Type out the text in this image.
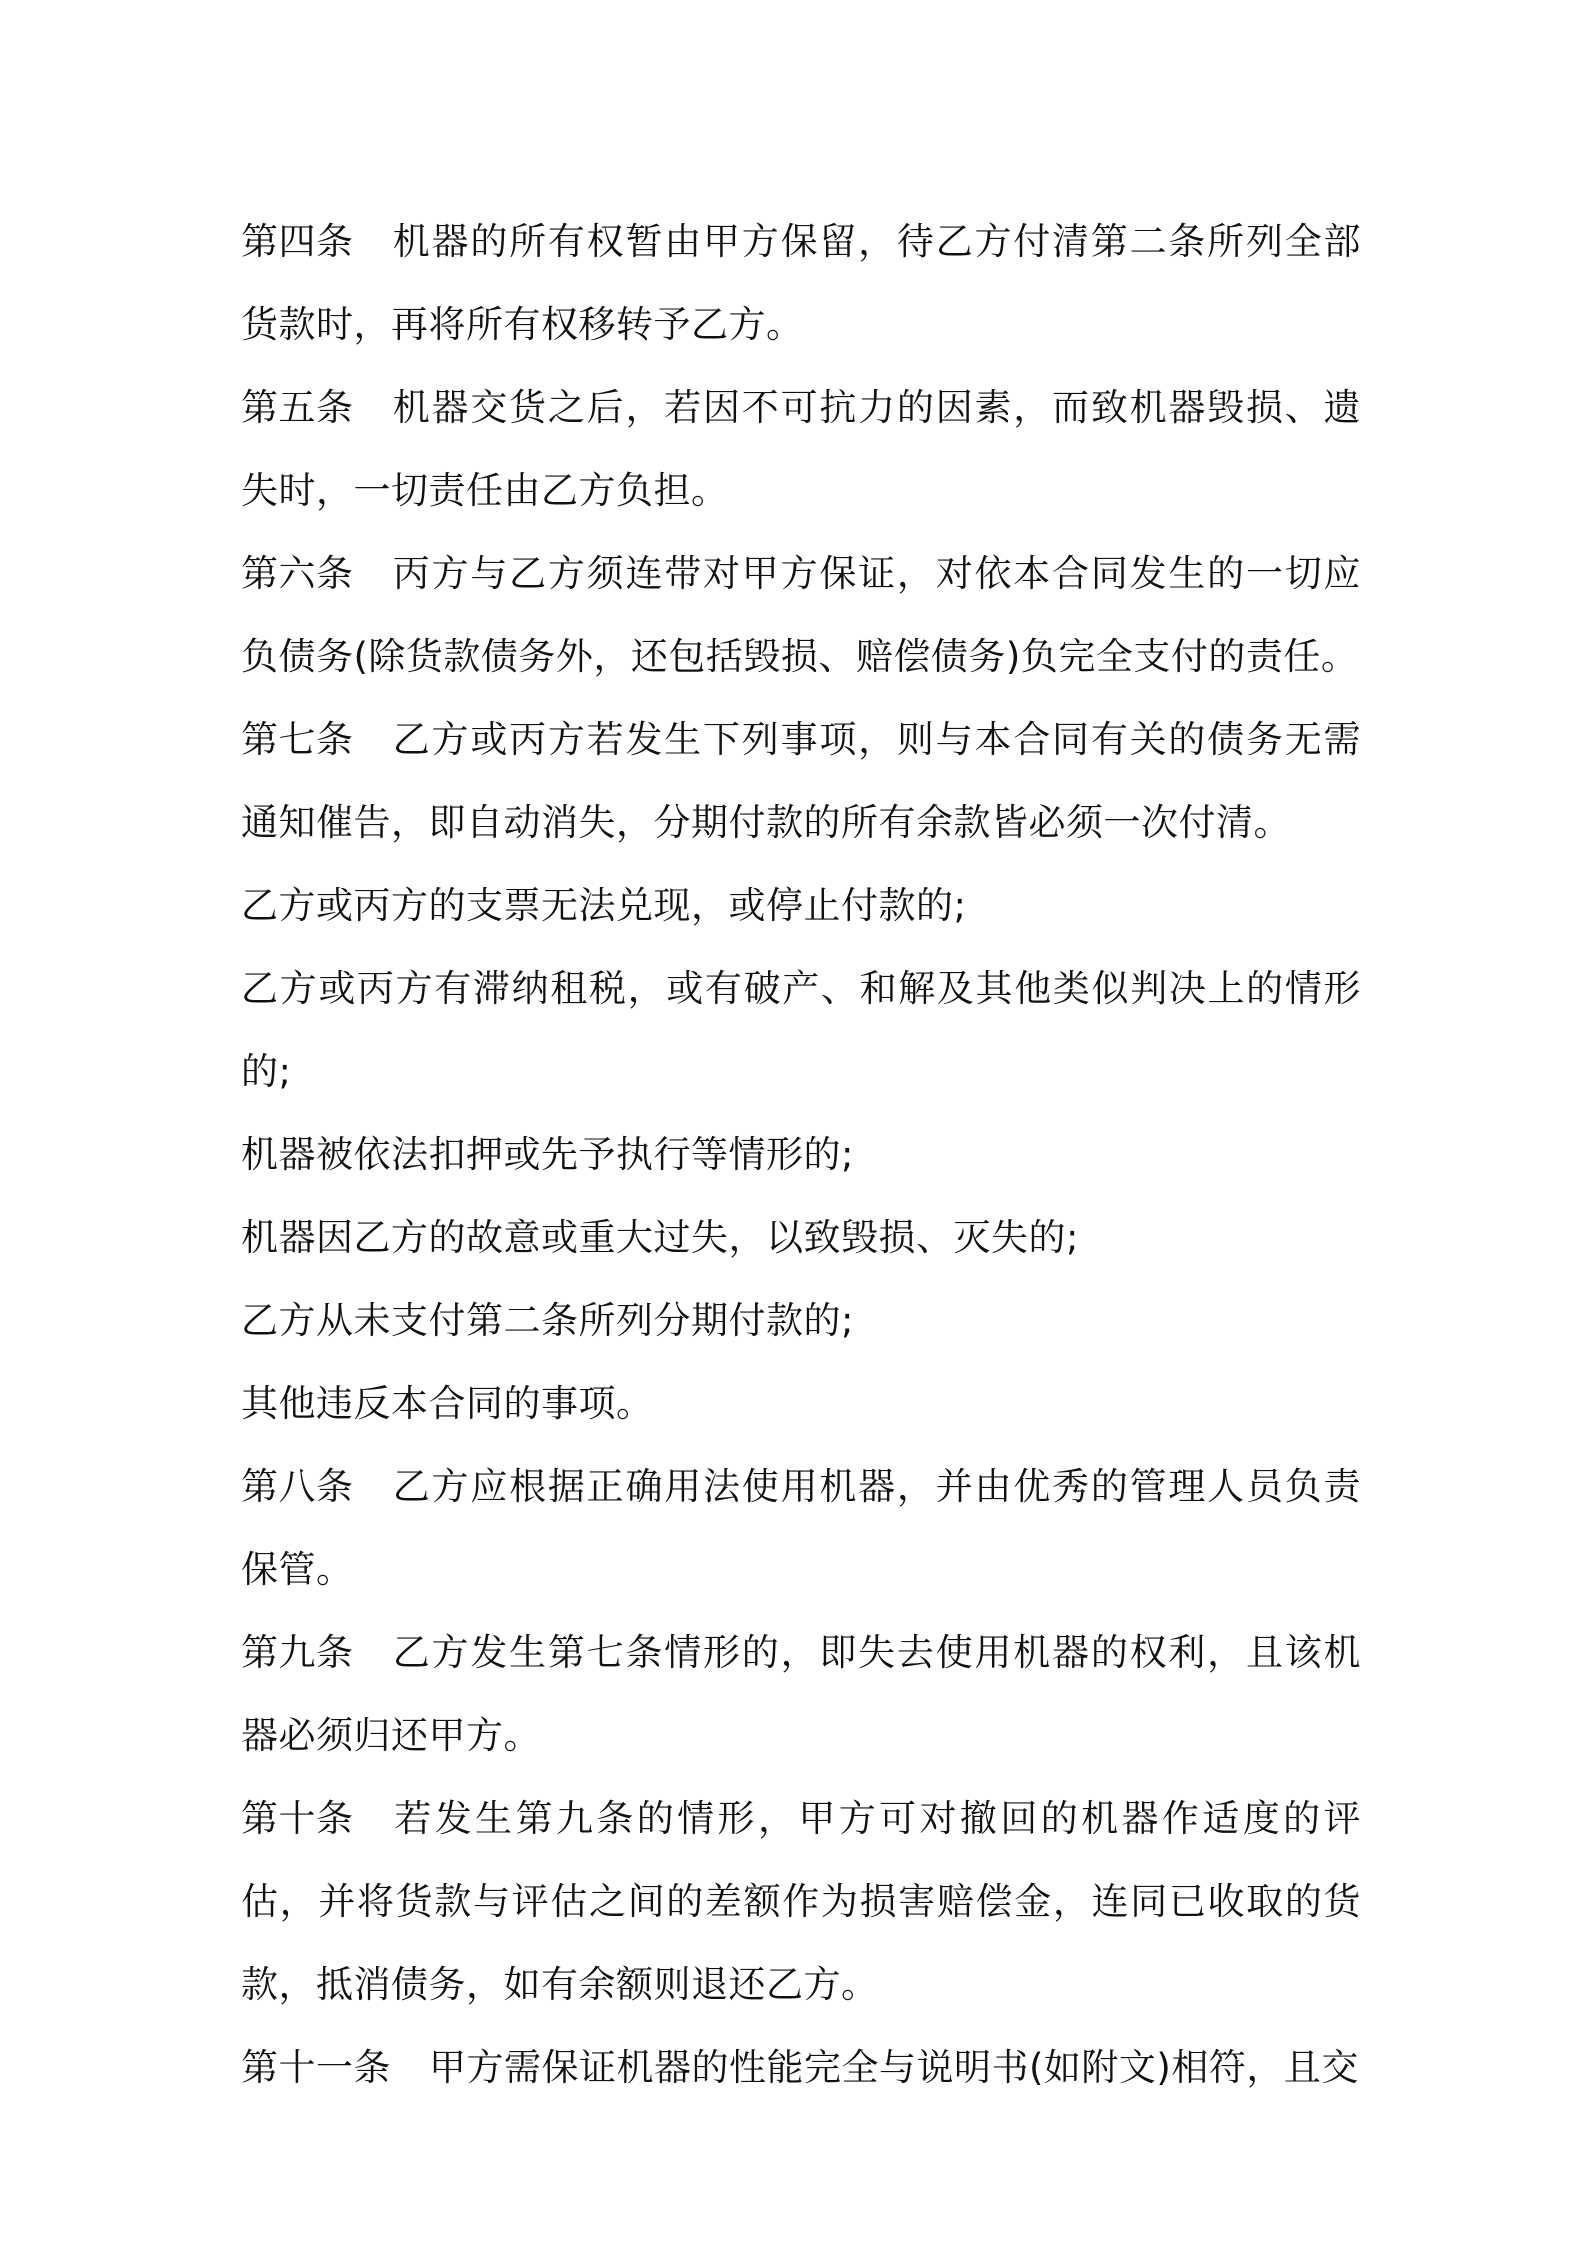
第四条 机器的所有权暂由甲方保留，待乙方付清第二条所列全部货款时，再将所有权移转予乙方。

第五条 机器交货之后，若因不可抗力的因素，而致机器毁损、遗失时，一切责任由乙方负担。

第六条 丙方与乙方须连带对甲方保证，对依本合同发生的一切应负债务(除货款债务外，还包括毁损、赔偿债务)负完全支付的责任。

第七条 乙方或丙方若发生下列事项，则与本合同有关的债务无需通知催告，即自动消失，分期付款的所有余款皆必须一次付清。

乙方或丙方的支票无法兑现，或停止付款的;

乙方或丙方有滞纳租税，或有破产、和解及其他类似判决上的情形的;

机器被依法扣押或先予执行等情形的;

机器因乙方的故意或重大过失，以致毁损、灭失的;

乙方从未支付第二条所列分期付款的;

其他违反本合同的事项。

第八条 乙方应根据正确用法使用机器，并由优秀的管理人员负责保管。

第九条 乙方发生第七条情形的，即失去使用机器的权利，且该机器必须归还甲方。

第十条 若发生第九条的情形，甲方可对撤回的机器作适度的评估，并将货款与评估之间的差额作为损害赔偿金，连同已收取的货款，抵消债务，如有余额则退还乙方。

第十一条 甲方需保证机器的性能完全与说明书(如附文)相符，且交
